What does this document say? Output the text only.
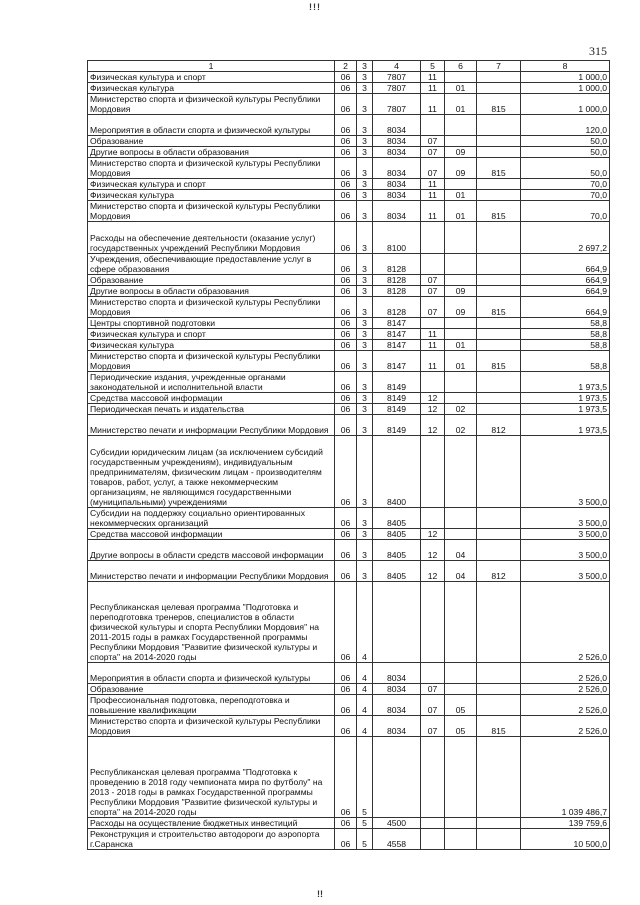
!!!
315
1	2	3	4	5	6	7	8
Физическая культура и спорт	06	3	7807	11			1 000,0
Физическая культура	06	3	7807	11	01		1 000,0
Министерство спорта и физической культуры Республики Мордовия	06	3	7807	11	01	815	1 000,0
Мероприятия в области спорта и физической культуры	06	3	8034				120,0
Образование	06	3	8034	07			50,0
Другие вопросы в области образования	06	3	8034	07	09		50,0
Министерство спорта и физической культуры Республики Мордовия	06	3	8034	07	09	815	50,0
Физическая культура и спорт	06	3	8034	11			70,0
Физическая культура	06	3	8034	11	01		70,0
Министерство спорта и физической культуры Республики Мордовия	06	3	8034	11	01	815	70,0
Расходы на обеспечение деятельности (оказание услуг) государственных учреждений Республики Мордовия	06	3	8100				2 697,2
Учреждения, обеспечивающие предоставление услуг в сфере образования	06	3	8128				664,9
Образование	06	3	8128	07			664,9
Другие вопросы в области образования	06	3	8128	07	09		664,9
Министерство спорта и физической культуры Республики Мордовия	06	3	8128	07	09	815	664,9
Центры спортивной подготовки	06	3	8147				58,8
Физическая культура и спорт	06	3	8147	11			58,8
Физическая культура	06	3	8147	11	01		58,8
Министерство спорта и физической культуры Республики Мордовия	06	3	8147	11	01	815	58,8
Периодические издания, учрежденные органами законодательной и исполнительной власти	06	3	8149				1 973,5
Средства массовой информации	06	3	8149	12			1 973,5
Периодическая печать и издательства	06	3	8149	12	02		1 973,5
Министерство печати и информации Республики Мордовия	06	3	8149	12	02	812	1 973,5
Субсидии юридическим лицам (за исключением субсидий государственным учреждениям), индивидуальным предпринимателям, физическим лицам - производителям товаров, работ, услуг, а также некоммерческим организациям, не являющимся государственными (муниципальными) учреждениями	06	3	8400				3 500,0
Субсидии на поддержку социально ориентированных некоммерческих организаций	06	3	8405				3 500,0
Средства массовой информации	06	3	8405	12			3 500,0
Другие вопросы в области средств массовой информации	06	3	8405	12	04		3 500,0
Министерство печати и информации Республики Мордовия	06	3	8405	12	04	812	3 500,0
Республиканская целевая программа "Подготовка и переподготовка тренеров, специалистов в области физической культуры и спорта Республики Мордовия" на 2011-2015 годы в рамках Государственной программы Республики Мордовия "Развитие физической культуры и спорта" на 2014-2020 годы	06	4					2 526,0
Мероприятия в области спорта и физической культуры	06	4	8034				2 526,0
Образование	06	4	8034	07			2 526,0
Профессиональная подготовка, переподготовка и повышение квалификации	06	4	8034	07	05		2 526,0
Министерство спорта и физической культуры Республики Мордовия	06	4	8034	07	05	815	2 526,0
Республиканская целевая программа "Подготовка к проведению в 2018 году чемпионата мира по футболу" на 2013 - 2018 годы в рамках Государственной программы Республики Мордовия "Развитие физической культуры и спорта" на 2014-2020 годы	06	5					1 039 486,7
Расходы на осуществление бюджетных инвестиций	06	5	4500				139 759,6
Реконструкция и строительство автодороги до аэропорта г.Саранска	06	5	4558				10 500,0
!!
